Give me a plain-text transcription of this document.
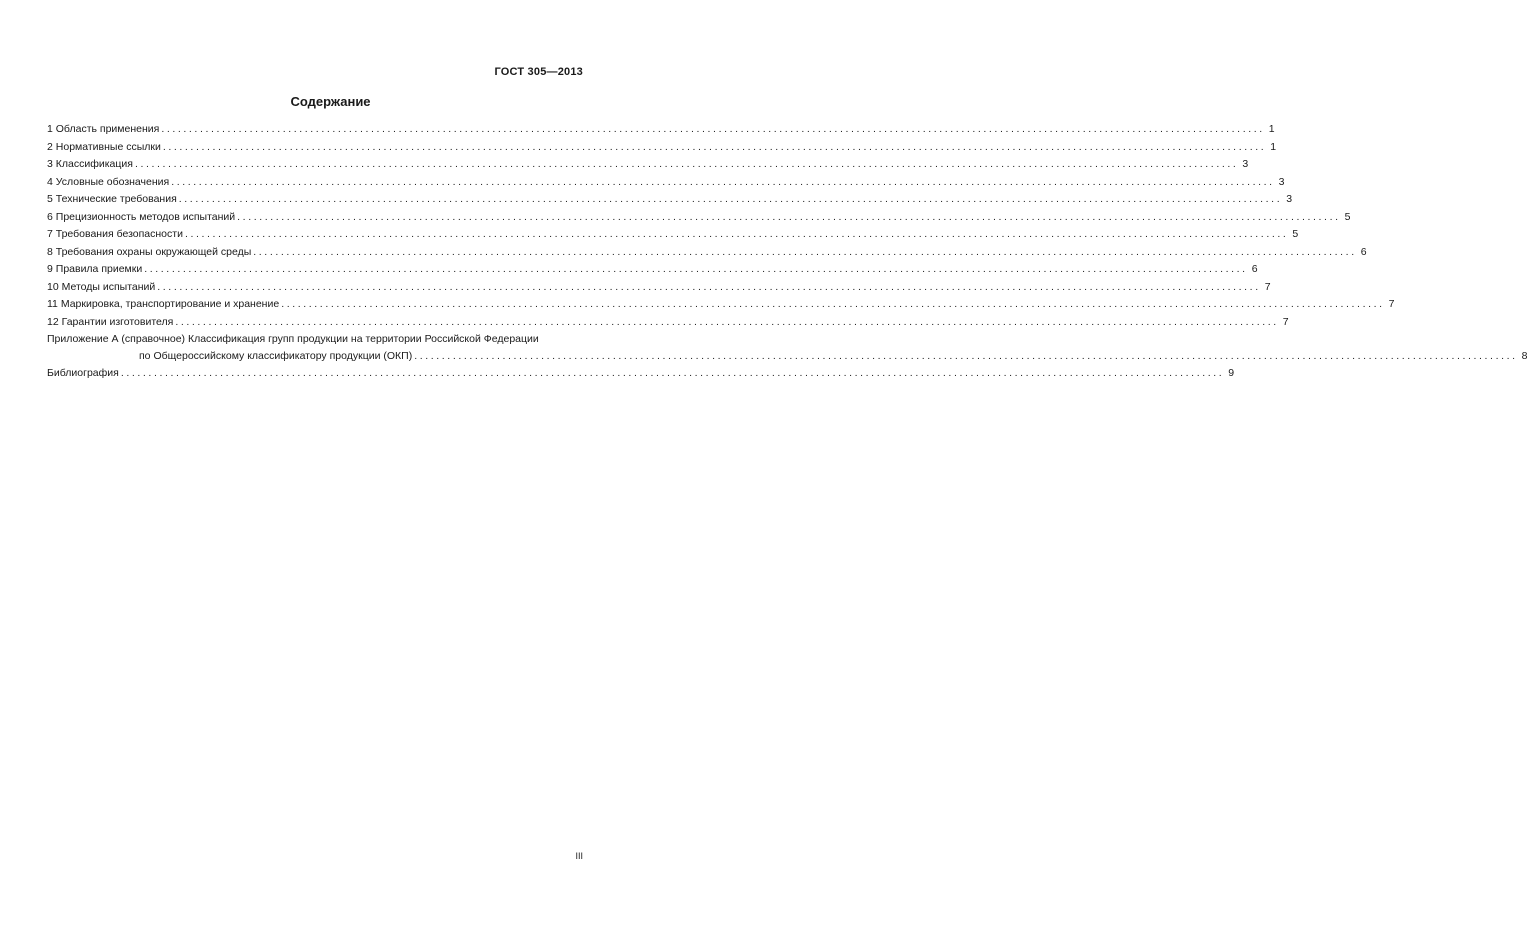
ГОСТ 305—2013
Содержание
1
Область применения ........................................................................................................................................................................................................ 1
2
Нормативные ссылки ........................................................................................................................................................................................................ 1
3
Классификация ........................................................................................................................................................................................................ 3
4
Условные обозначения ........................................................................................................................................................................................................ 3
5
Технические требования ........................................................................................................................................................................................................ 3
6
Прецизионность методов испытаний ........................................................................................................................................................................................................ 5
7
Требования безопасности ........................................................................................................................................................................................................ 5
8
Требования охраны окружающей среды ........................................................................................................................................................................................................ 6
9
Правила приемки ........................................................................................................................................................................................................ 6
10
Методы испытаний ........................................................................................................................................................................................................ 7
11
Маркировка, транспортирование и хранение ........................................................................................................................................................................................................ 7
12
Гарантии изготовителя ........................................................................................................................................................................................................ 7
Приложение А (справочное) Классификация групп продукции на территории Российской Федерации
по Общероссийскому классификатору продукции (ОКП) ........................................................................................................................................................................................................ 8
Библиография ........................................................................................................................................................................................................ 9
III
